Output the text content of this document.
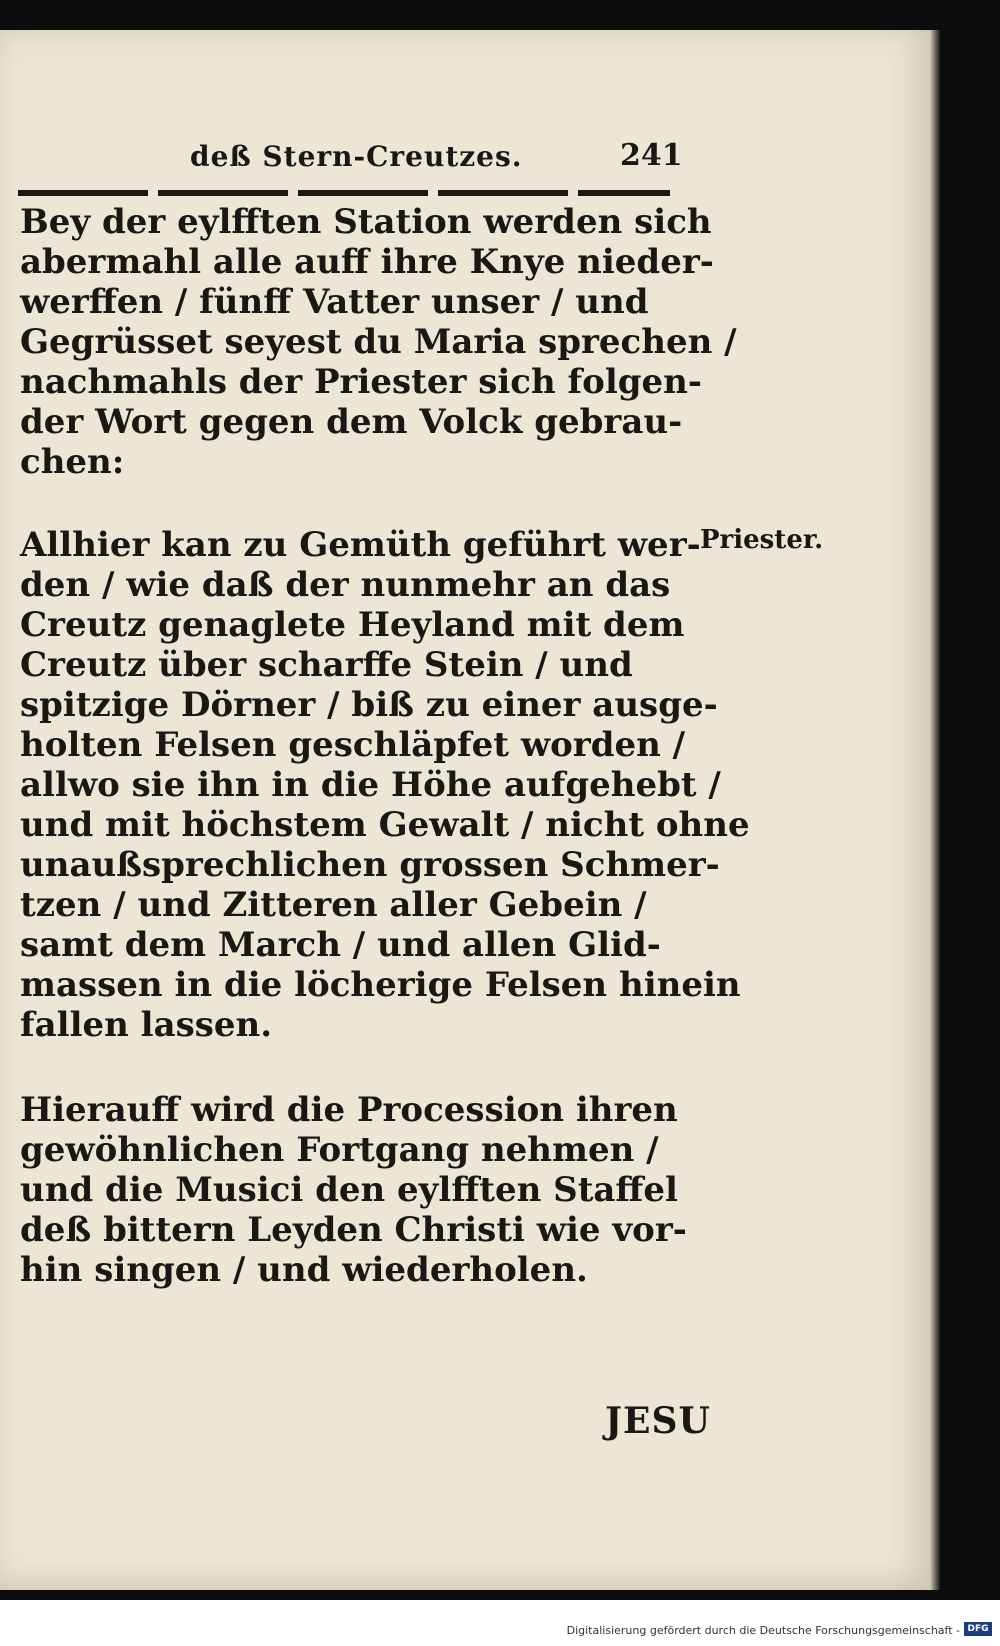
deß Stern-Creutzes.	241
Bey der eylfften Station werden sich
abermahl alle auff ihre Knye nieder-
werffen / fünff Vatter unser / und
Gegrüsset seyest du Maria sprechen /
nachmahls der Priester sich folgen-
der Wort gegen dem Volck gebrau-
chen:
Priester.
Allhier kan zu Gemüth geführt wer-
den / wie daß der nunmehr an das
Creutz genaglete Heyland mit dem
Creutz über scharffe Stein / und
spitzige Dörner / biß zu einer ausge-
holten Felsen geschläpfet worden /
allwo sie ihn in die Höhe aufgehebt /
und mit höchstem Gewalt / nicht ohne
unaußsprechlichen grossen Schmer-
tzen / und Zitteren aller Gebein /
samt dem March / und allen Glid-
massen in die löcherige Felsen hinein
fallen lassen.
Hierauff wird die Procession ihren
gewöhnlichen Fortgang nehmen /
und die Musici den eylfften Staffel
deß bittern Leyden Christi wie vor-
hin singen / und wiederholen.
JESU
Digitalisierung gefördert durch die Deutsche Forschungsgemeinschaft - DFG
